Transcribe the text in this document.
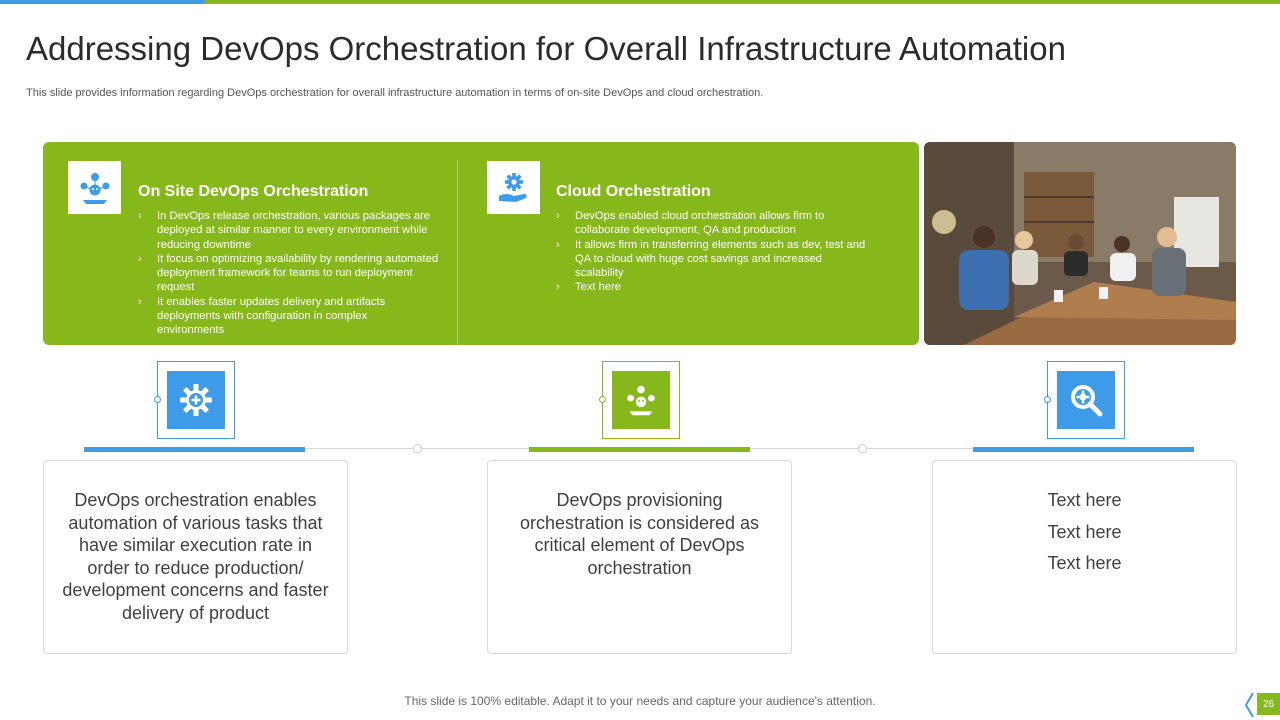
Addressing DevOps Orchestration for Overall Infrastructure Automation

This slide provides information regarding DevOps orchestration for overall infrastructure automation in terms of on-site DevOps and cloud orchestration.

On Site DevOps Orchestration
› In DevOps release orchestration, various packages are deployed at similar manner to every environment while reducing downtime
› It focus on optimizing availability by rendering automated deployment framework for teams to run deployment request
› It enables faster updates delivery and artifacts deployments with configuration in complex environments
Cloud Orchestration
› DevOps enabled cloud orchestration allows firm to collaborate development, QA and production
› It allows firm in transferring elements such as dev, test and QA to cloud with huge cost savings and increased scalability
› Text here
DevOps orchestration enables automation of various tasks that have similar execution rate in order to reduce production/ development concerns and faster delivery of product
DevOps provisioning orchestration is considered as critical element of DevOps orchestration
Text here
Text here
Text here
This slide is 100% editable. Adapt it to your needs and capture your audience's attention.	26
